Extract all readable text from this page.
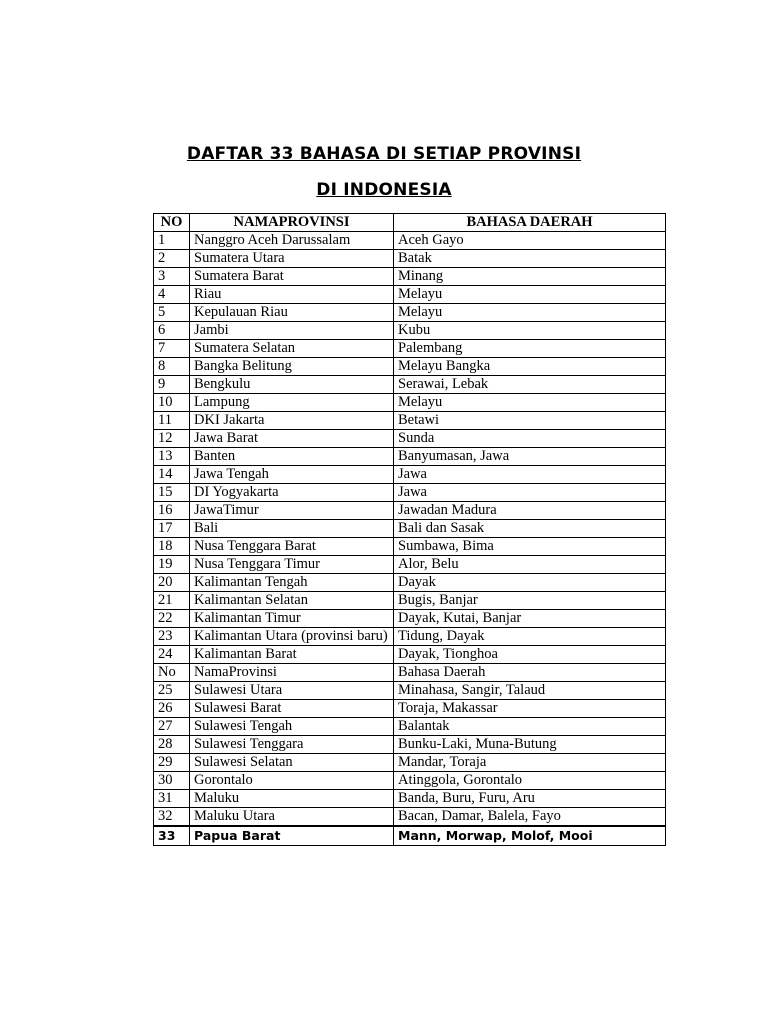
DAFTAR 33 BAHASA DI SETIAP PROVINSI
DI INDONESIA
NO	NAMAPROVINSI	BAHASA DAERAH
1	Nanggro Aceh Darussalam	Aceh Gayo
2	Sumatera Utara	Batak
3	Sumatera Barat	Minang
4	Riau	Melayu
5	Kepulauan Riau	Melayu
6	Jambi	Kubu
7	Sumatera Selatan	Palembang
8	Bangka Belitung	Melayu Bangka
9	Bengkulu	Serawai, Lebak
10	Lampung	Melayu
11	DKI Jakarta	Betawi
12	Jawa Barat	Sunda
13	Banten	Banyumasan, Jawa
14	Jawa Tengah	Jawa
15	DI Yogyakarta	Jawa
16	JawaTimur	Jawadan Madura
17	Bali	Bali dan Sasak
18	Nusa Tenggara Barat	Sumbawa, Bima
19	Nusa Tenggara Timur	Alor, Belu
20	Kalimantan Tengah	Dayak
21	Kalimantan Selatan	Bugis, Banjar
22	Kalimantan Timur	Dayak, Kutai, Banjar
23	Kalimantan Utara (provinsi baru)	Tidung, Dayak
24	Kalimantan Barat	Dayak, Tionghoa
No	NamaProvinsi	Bahasa Daerah
25	Sulawesi Utara	Minahasa, Sangir, Talaud
26	Sulawesi Barat	Toraja, Makassar
27	Sulawesi Tengah	Balantak
28	Sulawesi Tenggara	Bunku-Laki, Muna-Butung
29	Sulawesi Selatan	Mandar, Toraja
30	Gorontalo	Atinggola, Gorontalo
31	Maluku	Banda, Buru, Furu, Aru
32	Maluku Utara	Bacan, Damar, Balela, Fayo
33	Papua Barat	Mann, Morwap, Molof, Mooi
